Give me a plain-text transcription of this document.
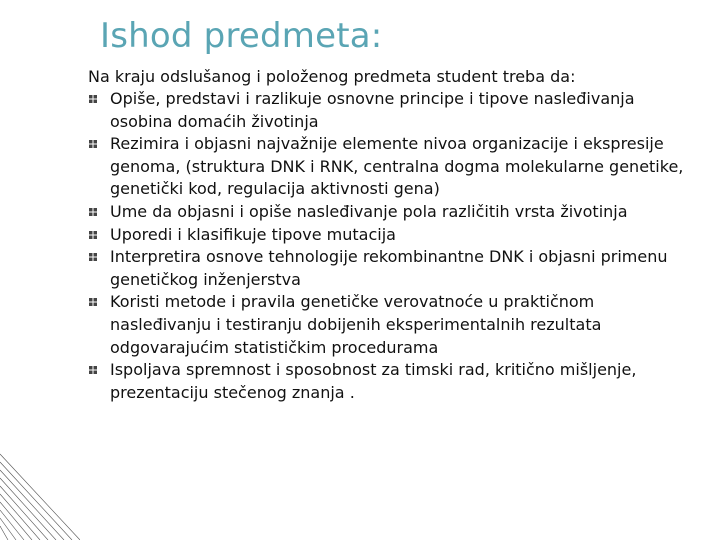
Ishod predmeta:

Na kraju odslušanog i položenog predmeta student treba da:

Opiše, predstavi i razlikuje osnovne principe i tipove nasleđivanja osobina domaćih životinja
Rezimira i objasni najvažnije elemente nivoa organizacije i ekspresije genoma, (struktura DNK i RNK, centralna dogma molekularne genetike, genetički kod, regulacija aktivnosti gena)
Ume da objasni i opiše nasleđivanje pola različitih vrsta životinja
Uporedi i klasifikuje tipove mutacija
Interpretira osnove tehnologije rekombinantne DNK i objasni primenu genetičkog inženjerstva
Koristi metode i pravila genetičke verovatnoće u praktičnom nasleđivanju i testiranju dobijenih eksperimentalnih rezultata odgovarajućim statističkim procedurama
Ispoljava spremnost i sposobnost za timski rad, kritično mišljenje, prezentaciju stečenog znanja .
